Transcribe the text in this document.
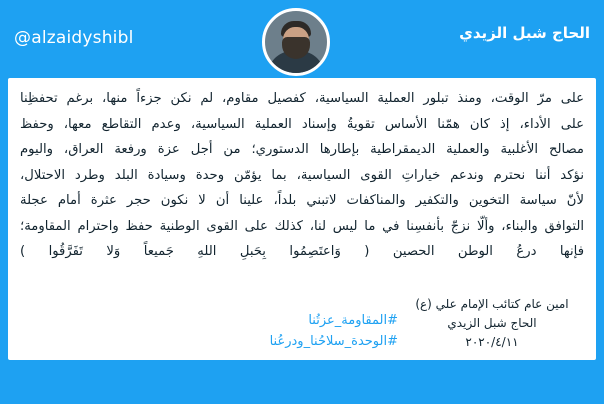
@alzaidyshibl	الحاج شبل الزيدي

على مرّ الوقت، ومنذ تبلور العملية السياسية، كفصيل مقاوم، لم نكن جزءاً منها، برغم تحفظِنا

على الأداء، إذ كان همّنا الأساس تقويةُ وإسناد العملية السياسية، وعدم التقاطع معها، وحفظ

مصالح الأغلبية والعملية الديمقراطية بإطارها الدستوري؛ من أجل عزة ورفعة العراق، واليوم

نؤكد أننا نحترم وندعم خياراتِ القوى السياسية، بما يؤمّن وحدة وسيادة البلد وطرد الاحتلال،

لأنّ سياسة التخوين والتكفير والمناكفات لاتبني بلداً، علينا أن لا نكون حجر عثرة أمام عجلة

التوافق والبناء، وألّا نزجّ بأنفسِنا في ما ليس لنا، كذلك على القوى الوطنية حفظ واحترام المقاومة؛

فإنها درعُ الوطن الحصين ( وَاعتَصِمُوا بِحَبلِ اللهِ جَميعاً وَلا تَفَرَّقُوا )

#المقاومة_عزتُنا
#الوحدة_سلاحُنا_ودرعُنا
امين عام كتائب الإمام علي (ع)
الحاج شبل الزيدي
٢٠٢٠/٤/١١
